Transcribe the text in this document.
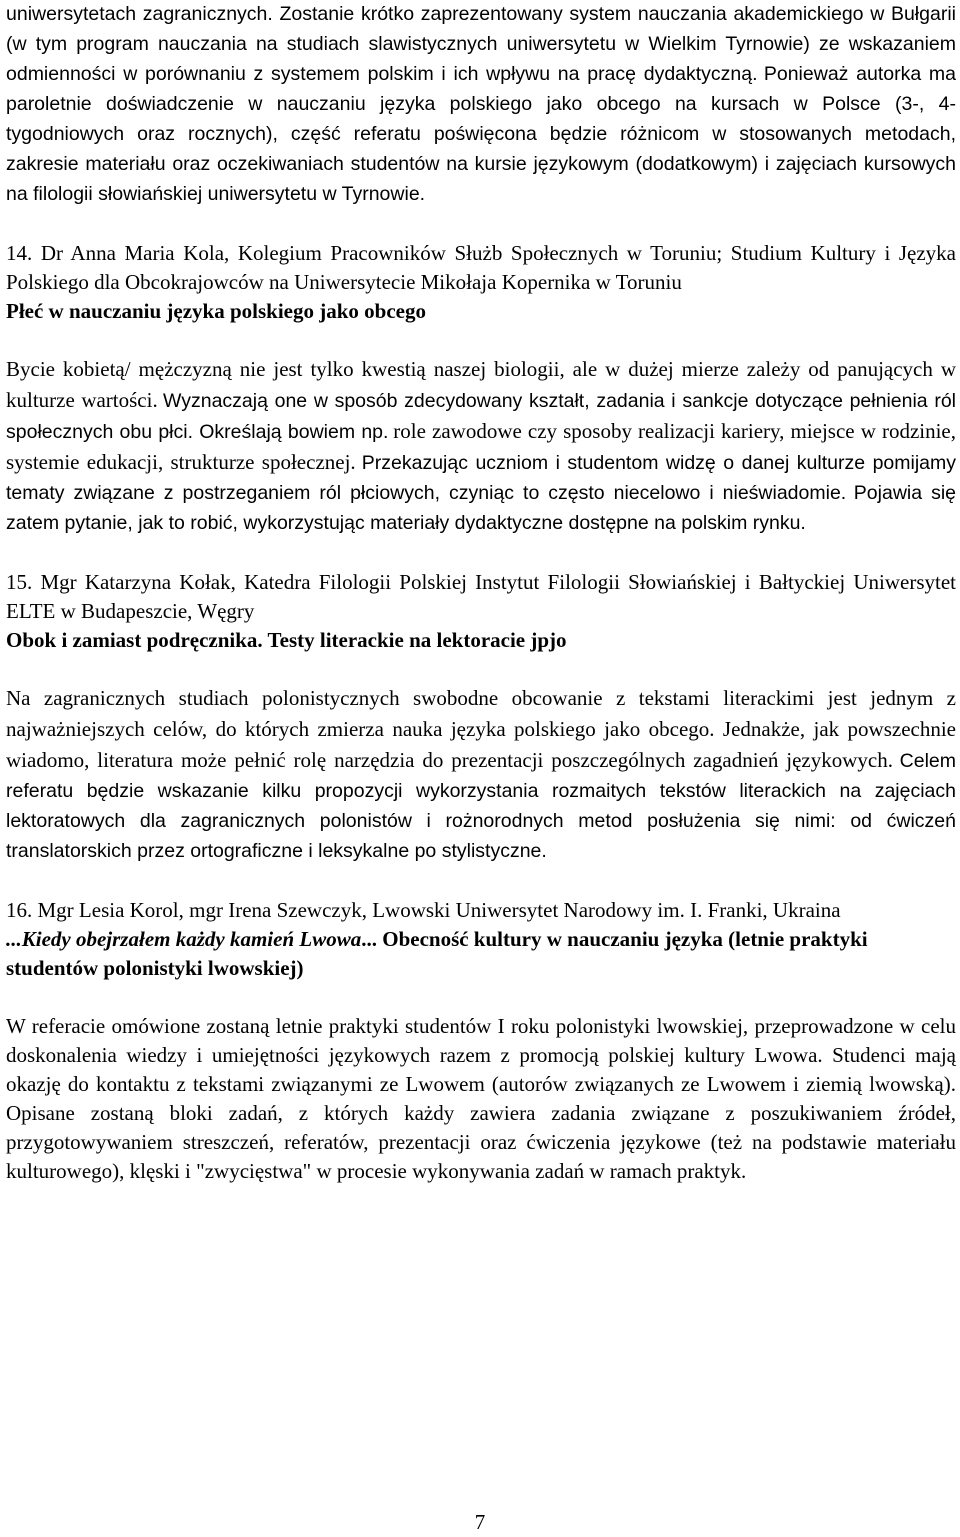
uniwersytetach zagranicznych. Zostanie krótko zaprezentowany system nauczania akademickiego w Bułgarii (w tym program nauczania na studiach slawistycznych uniwersytetu w Wielkim Tyrnowie) ze wskazaniem odmienności w porównaniu z systemem polskim i ich wpływu na pracę dydaktyczną. Ponieważ autorka ma paroletnie doświadczenie w nauczaniu języka polskiego jako obcego na kursach w Polsce (3-, 4-tygodniowych oraz rocznych), część referatu poświęcona będzie różnicom w stosowanych metodach, zakresie materiału oraz oczekiwaniach studentów na kursie językowym (dodatkowym) i zajęciach kursowych na filologii słowiańskiej uniwersytetu w Tyrnowie.

14. Dr Anna Maria Kola, Kolegium Pracowników Służb Społecznych w Toruniu; Studium Kultury i Języka Polskiego dla Obcokrajowców na Uniwersytecie Mikołaja Kopernika w Toruniu

Płeć w nauczaniu języka polskiego jako obcego

Bycie kobietą/ mężczyzną nie jest tylko kwestią naszej biologii, ale w dużej mierze zależy od panujących w kulturze wartości. Wyznaczają one w sposób zdecydowany kształt, zadania i sankcje dotyczące pełnienia ról społecznych obu płci. Określają bowiem np. role zawodowe czy sposoby realizacji kariery, miejsce w rodzinie, systemie edukacji, strukturze społecznej. Przekazując uczniom i studentom widzę o danej kulturze pomijamy tematy związane z postrzeganiem ról płciowych, czyniąc to często niecelowo i nieświadomie. Pojawia się zatem pytanie, jak to robić, wykorzystując materiały dydaktyczne dostępne na polskim rynku.

15. Mgr Katarzyna Kołak, Katedra Filologii Polskiej Instytut Filologii Słowiańskiej i Bałtyckiej Uniwersytet ELTE w Budapeszcie, Węgry

Obok i zamiast podręcznika. Testy literackie na lektoracie jpjo

Na zagranicznych studiach polonistycznych swobodne obcowanie z tekstami literackimi jest jednym z najważniejszych celów, do których zmierza nauka języka polskiego jako obcego. Jednakże, jak powszechnie wiadomo, literatura może pełnić rolę narzędzia do prezentacji poszczególnych zagadnień językowych. Celem referatu będzie wskazanie kilku propozycji wykorzystania rozmaitych tekstów literackich na zajęciach lektoratowych dla zagranicznych polonistów i rożnorodnych metod posłużenia się nimi: od ćwiczeń translatorskich przez ortograficzne i leksykalne po stylistyczne.

16. Mgr Lesia Korol, mgr Irena Szewczyk, Lwowski Uniwersytet Narodowy im. I. Franki, Ukraina

...Kiedy obejrzałem każdy kamień Lwowa... Obecność kultury w nauczaniu języka (letnie praktyki studentów polonistyki lwowskiej)

W referacie omówione zostaną letnie praktyki studentów I roku polonistyki lwowskiej, przeprowadzone w celu doskonalenia wiedzy i umiejętności językowych razem z promocją polskiej kultury Lwowa. Studenci mają okazję do kontaktu z tekstami związanymi ze Lwowem (autorów związanych ze Lwowem i ziemią lwowską). Opisane zostaną bloki zadań, z których każdy zawiera zadania związane z poszukiwaniem źródeł, przygotowywaniem streszczeń, referatów, prezentacji oraz ćwiczenia językowe (też na podstawie materiału kulturowego), klęski i "zwycięstwa" w procesie wykonywania zadań w ramach praktyk.

7
